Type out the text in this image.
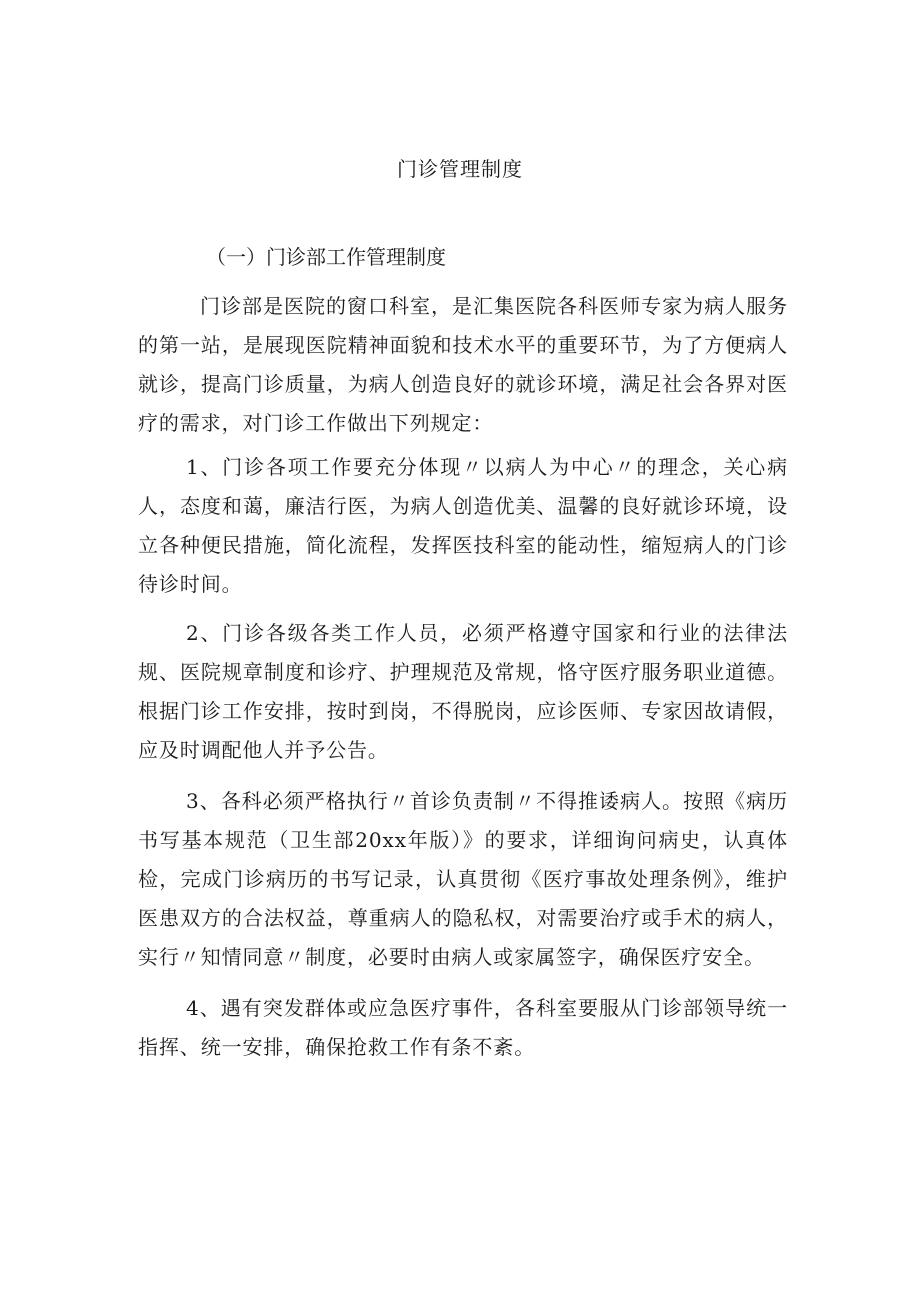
门诊管理制度
（一）门诊部工作管理制度

门诊部是医院的窗口科室，是汇集医院各科医师专家为病人服务的第一站，是展现医院精神面貌和技术水平的重要环节，为了方便病人就诊，提高门诊质量，为病人创造良好的就诊环境，满足社会各界对医疗的需求，对门诊工作做出下列规定：

1、门诊各项工作要充分体现〃以病人为中心〃的理念，关心病人，态度和蔼，廉洁行医，为病人创造优美、温馨的良好就诊环境，设立各种便民措施，简化流程，发挥医技科室的能动性，缩短病人的门诊待诊时间。

2、门诊各级各类工作人员，必须严格遵守国家和行业的法律法规、医院规章制度和诊疗、护理规范及常规，恪守医疗服务职业道德。根据门诊工作安排，按时到岗，不得脱岗，应诊医师、专家因故请假，应及时调配他人并予公告。

3、各科必须严格执行〃首诊负责制〃不得推诿病人。按照《病历书写基本规范（卫生部20xx年版）》的要求，详细询问病史，认真体检，完成门诊病历的书写记录，认真贯彻《医疗事故处理条例》，维护医患双方的合法权益，尊重病人的隐私权，对需要治疗或手术的病人，实行〃知情同意〃制度，必要时由病人或家属签字，确保医疗安全。

4、遇有突发群体或应急医疗事件，各科室要服从门诊部领导统一指挥、统一安排，确保抢救工作有条不紊。
